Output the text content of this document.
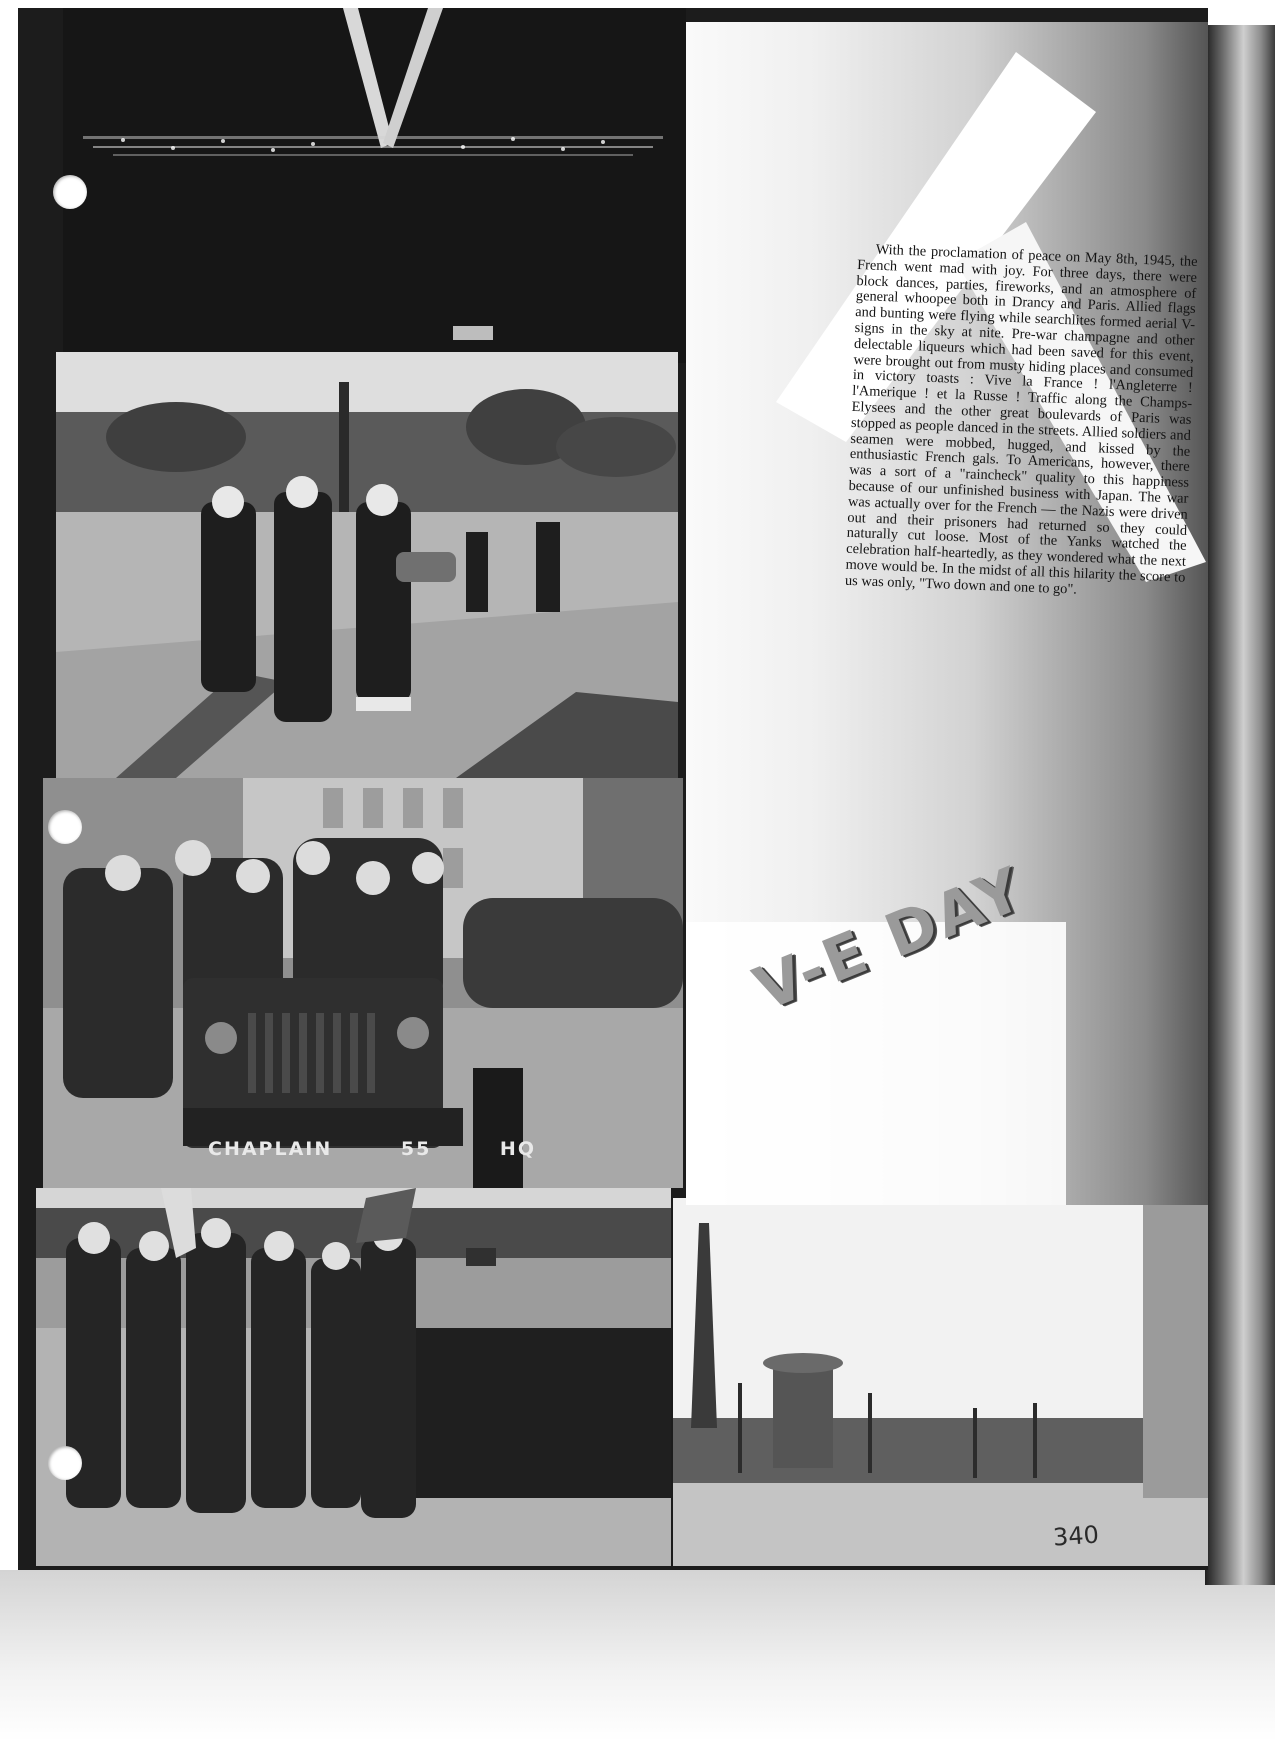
CHAPLAIN 55 HQ

With the proclamation of peace on May 8th, 1945, the French went mad with joy. For three days, there were block dances, parties, fireworks, and an atmosphere of general whoopee both in Drancy and Paris. Allied flags and bunting were flying while searchlites formed aerial V-signs in the sky at nite. Pre-war champagne and other delectable liqueurs which had been saved for this event, were brought out from musty hiding places and consumed in victory toasts : Vive la France ! l'Angleterre ! l'Amerique ! et la Russe ! Traffic along the Champs-Elysees and the other great boulevards of Paris was stopped as people danced in the streets. Allied soldiers and seamen were mobbed, hugged, and kissed by the enthusiastic French gals. To Americans, however, there was a sort of a "raincheck" quality to this happiness because of our unfinished business with Japan. The war was actually over for the French — the Nazis were driven out and their prisoners had returned so they could naturally cut loose. Most of the Yanks watched the celebration half-heartedly, as they wondered what the next move would be. In the midst of all this hilarity the score to us was only, "Two down and one to go".

V-E DAY
340
